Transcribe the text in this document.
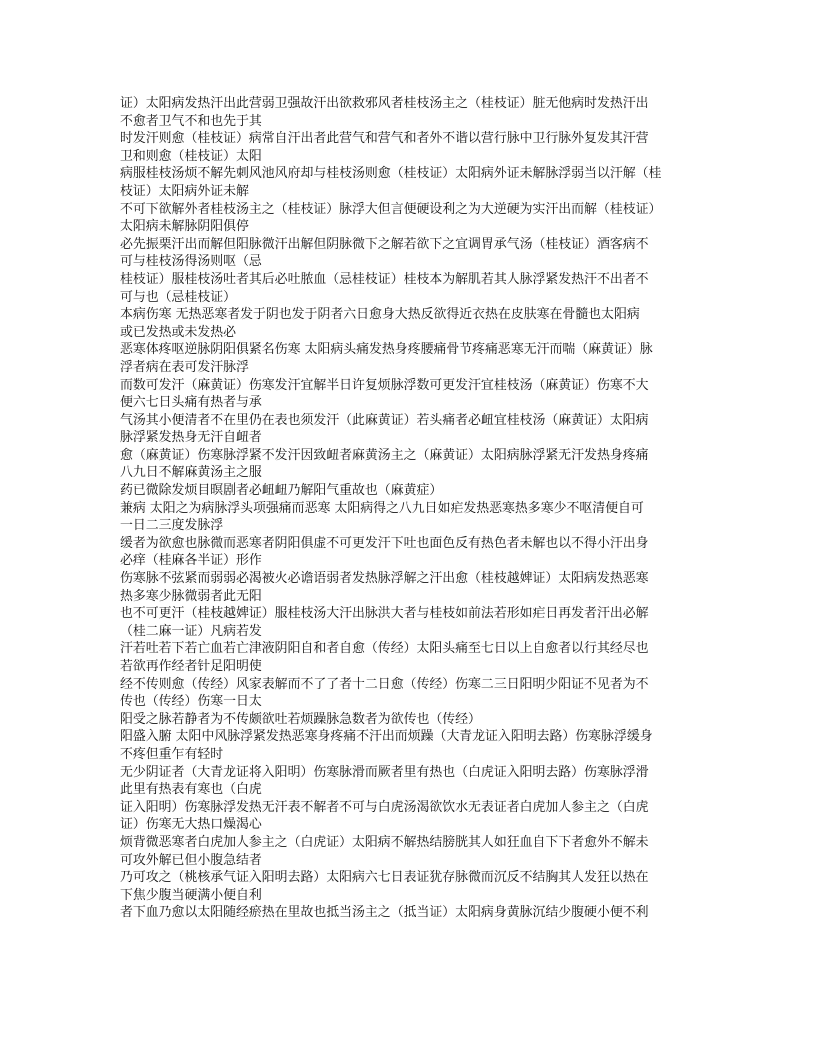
证）太阳病发热汗出此营弱卫强故汗出欲救邪风者桂枝汤主之（桂枝证）脏无他病时发热汗出
不愈者卫气不和也先于其
时发汗则愈（桂枝证）病常自汗出者此营气和营气和者外不谐以营行脉中卫行脉外复发其汗营
卫和则愈（桂枝证）太阳
病服桂枝汤烦不解先刺风池风府却与桂枝汤则愈（桂枝证）太阳病外证未解脉浮弱当以汗解（桂
枝证）太阳病外证未解
不可下欲解外者桂枝汤主之（桂枝证）脉浮大但言便硬设利之为大逆硬为实汗出而解（桂枝证）
太阳病未解脉阴阳俱停
必先振栗汗出而解但阳脉微汗出解但阴脉微下之解若欲下之宜调胃承气汤（桂枝证）酒客病不
可与桂枝汤得汤则呕（忌
桂枝证）服桂枝汤吐者其后必吐脓血（忌桂枝证）桂枝本为解肌若其人脉浮紧发热汗不出者不
可与也（忌桂枝证）
本病伤寒 无热恶寒者发于阴也发于阴者六日愈身大热反欲得近衣热在皮肤寒在骨髓也太阳病
或已发热或未发热必
恶寒体疼呕逆脉阴阳俱紧名伤寒 太阳病头痛发热身疼腰痛骨节疼痛恶寒无汗而喘（麻黄证）脉
浮者病在表可发汗脉浮
而数可发汗（麻黄证）伤寒发汗宜解半日许复烦脉浮数可更发汗宜桂枝汤（麻黄证）伤寒不大
便六七日头痛有热者与承
气汤其小便清者不在里仍在表也须发汗（此麻黄证）若头痛者必衄宜桂枝汤（麻黄证）太阳病
脉浮紧发热身无汗自衄者
愈（麻黄证）伤寒脉浮紧不发汗因致衄者麻黄汤主之（麻黄证）太阳病脉浮紧无汗发热身疼痛
八九日不解麻黄汤主之服
药已微除发烦目暝剧者必衄衄乃解阳气重故也（麻黄症）
兼病 太阳之为病脉浮头项强痛而恶寒 太阳病得之八九日如疟发热恶寒热多寒少不呕清便自可
一日二三度发脉浮
缓者为欲愈也脉微而恶寒者阴阳俱虚不可更发汗下吐也面色反有热色者未解也以不得小汗出身
必痒（桂麻各半证）形作
伤寒脉不弦紧而弱弱必渴被火必谵语弱者发热脉浮解之汗出愈（桂枝越婢证）太阳病发热恶寒
热多寒少脉微弱者此无阳
也不可更汗（桂枝越婢证）服桂枝汤大汗出脉洪大者与桂枝如前法若形如疟日再发者汗出必解
（桂二麻一证）凡病若发
汗若吐若下若亡血若亡津液阴阳自和者自愈（传经）太阳头痛至七日以上自愈者以行其经尽也
若欲再作经者针足阳明使
经不传则愈（传经）风家表解而不了了者十二日愈（传经）伤寒二三日阳明少阳证不见者为不
传也（传经）伤寒一日太
阳受之脉若静者为不传颇欲吐若烦躁脉急数者为欲传也（传经）
阳盛入腑 太阳中风脉浮紧发热恶寒身疼痛不汗出而烦躁（大青龙证入阳明去路）伤寒脉浮缓身
不疼但重乍有轻时
无少阴证者（大青龙证将入阳明）伤寒脉滑而厥者里有热也（白虎证入阳明去路）伤寒脉浮滑
此里有热表有寒也（白虎
证入阳明）伤寒脉浮发热无汗表不解者不可与白虎汤渴欲饮水无表证者白虎加人参主之（白虎
证）伤寒无大热口燥渴心
烦背微恶寒者白虎加人参主之（白虎证）太阳病不解热结膀胱其人如狂血自下下者愈外不解未
可攻外解已但小腹急结者
乃可攻之（桃核承气证入阳明去路）太阳病六七日表证犹存脉微而沉反不结胸其人发狂以热在
下焦少腹当硬满小便自利
者下血乃愈以太阳随经瘀热在里故也抵当汤主之（抵当证）太阳病身黄脉沉结少腹硬小便不利
